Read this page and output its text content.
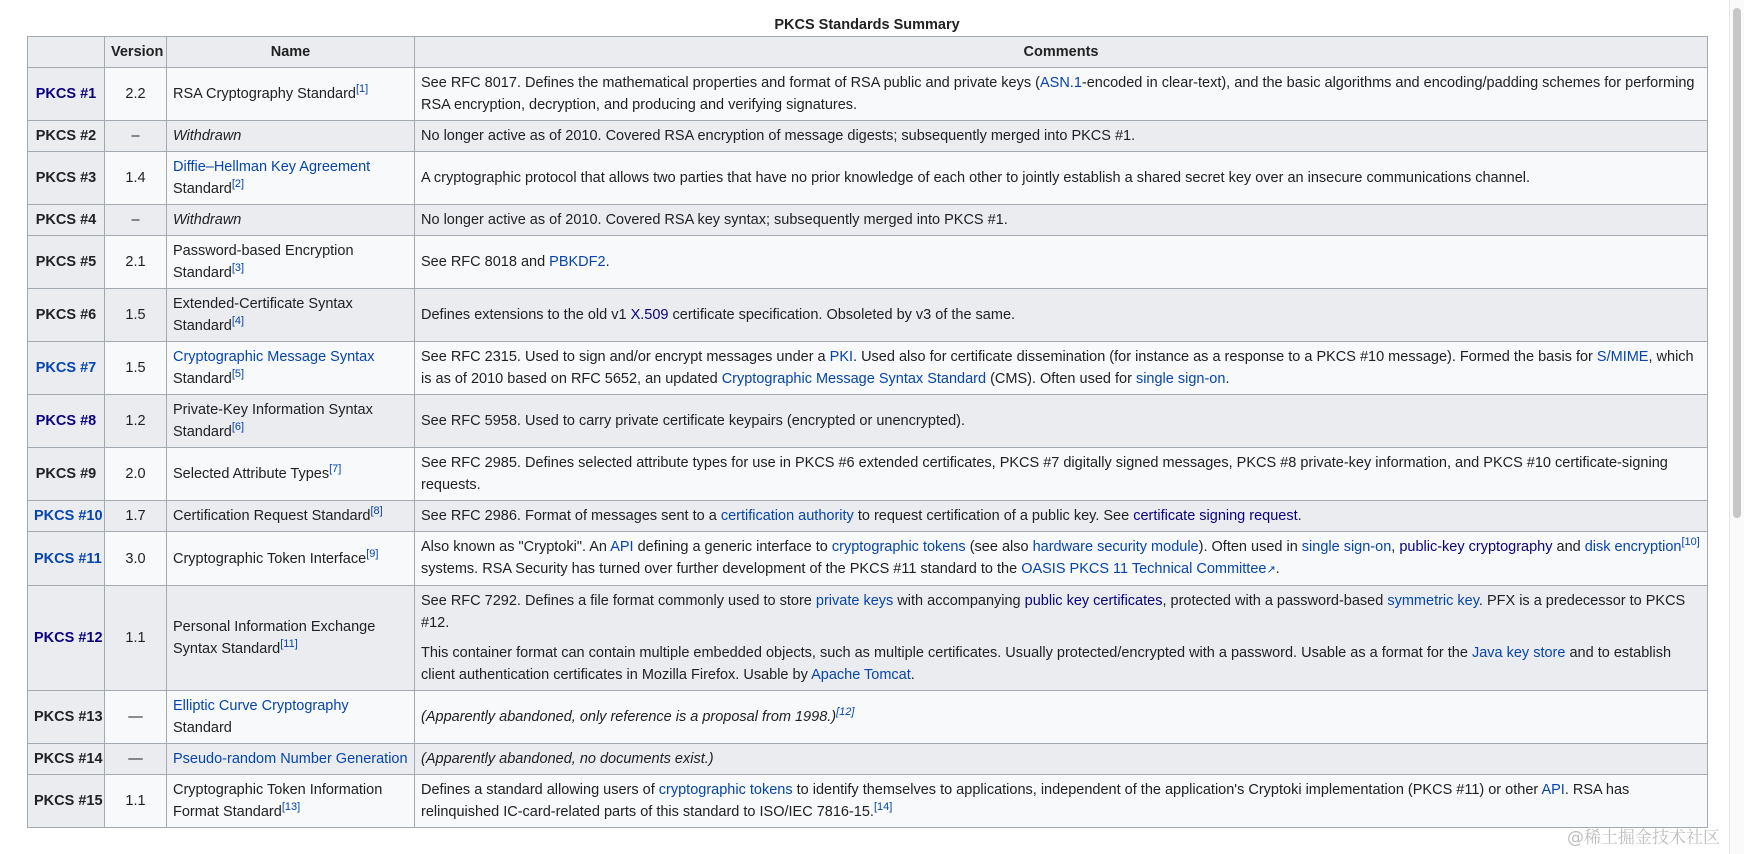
PKCS Standards Summary
	Version	Name	Comments
PKCS #1	2.2	RSA Cryptography Standard[1]	See RFC 8017. Defines the mathematical properties and format of RSA public and private keys (ASN.1-encoded in clear-text), and the basic algorithms and encoding/padding schemes for performing RSA encryption, decryption, and producing and verifying signatures.
PKCS #2	–	Withdrawn	No longer active as of 2010. Covered RSA encryption of message digests; subsequently merged into PKCS #1.
PKCS #3	1.4	Diffie–Hellman Key Agreement Standard[2]	A cryptographic protocol that allows two parties that have no prior knowledge of each other to jointly establish a shared secret key over an insecure communications channel.
PKCS #4	–	Withdrawn	No longer active as of 2010. Covered RSA key syntax; subsequently merged into PKCS #1.
PKCS #5	2.1	Password-based Encryption Standard[3]	See RFC 8018 and PBKDF2.
PKCS #6	1.5	Extended-Certificate Syntax Standard[4]	Defines extensions to the old v1 X.509 certificate specification. Obsoleted by v3 of the same.
PKCS #7	1.5	Cryptographic Message Syntax Standard[5]	See RFC 2315. Used to sign and/or encrypt messages under a PKI. Used also for certificate dissemination (for instance as a response to a PKCS #10 message). Formed the basis for S/MIME, which is as of 2010 based on RFC 5652, an updated Cryptographic Message Syntax Standard (CMS). Often used for single sign-on.
PKCS #8	1.2	Private-Key Information Syntax Standard[6]	See RFC 5958. Used to carry private certificate keypairs (encrypted or unencrypted).
PKCS #9	2.0	Selected Attribute Types[7]	See RFC 2985. Defines selected attribute types for use in PKCS #6 extended certificates, PKCS #7 digitally signed messages, PKCS #8 private-key information, and PKCS #10 certificate-signing requests.
PKCS #10	1.7	Certification Request Standard[8]	See RFC 2986. Format of messages sent to a certification authority to request certification of a public key. See certificate signing request.
PKCS #11	3.0	Cryptographic Token Interface[9]	Also known as "Cryptoki". An API defining a generic interface to cryptographic tokens (see also hardware security module). Often used in single sign-on, public-key cryptography and disk encryption[10] systems. RSA Security has turned over further development of the PKCS #11 standard to the OASIS PKCS 11 Technical Committee↗.
PKCS #12	1.1	Personal Information Exchange Syntax Standard[11]	See RFC 7292. Defines a file format commonly used to store private keys with accompanying public key certificates, protected with a password-based symmetric key. PFX is a predecessor to PKCS #12.

This container format can contain multiple embedded objects, such as multiple certificates. Usually protected/encrypted with a password. Usable as a format for the Java key store and to establish client authentication certificates in Mozilla Firefox. Usable by Apache Tomcat.

PKCS #13	—	Elliptic Curve Cryptography Standard	(Apparently abandoned, only reference is a proposal from 1998.)[12]
PKCS #14	—	Pseudo-random Number Generation	(Apparently abandoned, no documents exist.)
PKCS #15	1.1	Cryptographic Token Information Format Standard[13]	Defines a standard allowing users of cryptographic tokens to identify themselves to applications, independent of the application's Cryptoki implementation (PKCS #11) or other API. RSA has relinquished IC-card-related parts of this standard to ISO/IEC 7816-15.[14]
@稀土掘金技术社区
